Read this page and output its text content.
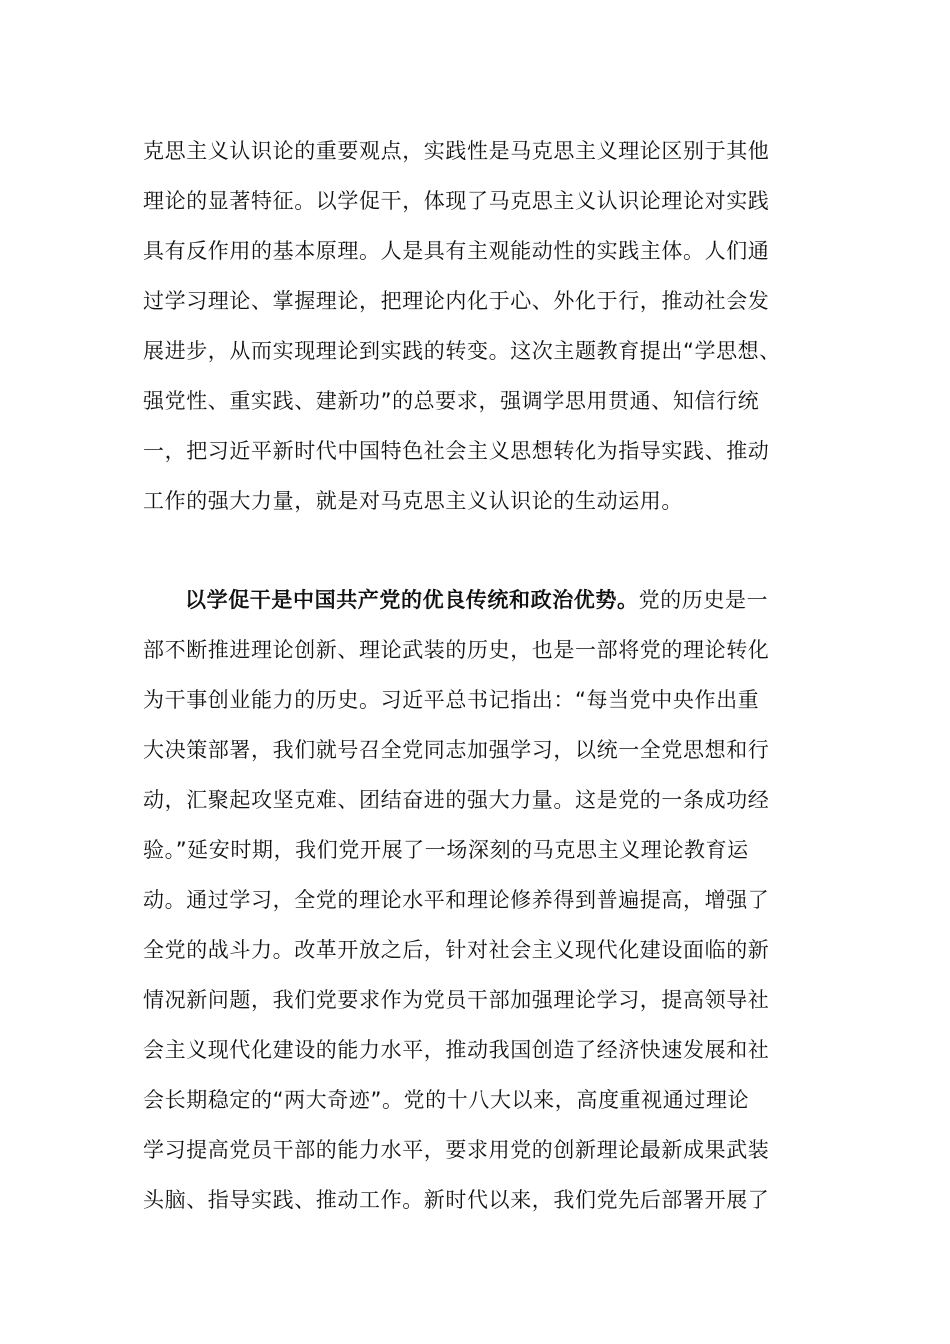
克思主义认识论的重要观点，实践性是马克思主义理论区别于其他
理论的显著特征。以学促干，体现了马克思主义认识论理论对实践
具有反作用的基本原理。人是具有主观能动性的实践主体。人们通
过学习理论、掌握理论，把理论内化于心、外化于行，推动社会发
展进步，从而实现理论到实践的转变。这次主题教育提出“学思想、
强党性、重实践、建新功”的总要求，强调学思用贯通、知信行统
一，把习近平新时代中国特色社会主义思想转化为指导实践、推动
工作的强大力量，就是对马克思主义认识论的生动运用。
以学促干是中国共产党的优良传统和政治优势。党的历史是一
部不断推进理论创新、理论武装的历史，也是一部将党的理论转化
为干事创业能力的历史。习近平总书记指出：“每当党中央作出重
大决策部署，我们就号召全党同志加强学习，以统一全党思想和行
动，汇聚起攻坚克难、团结奋进的强大力量。这是党的一条成功经
验。”延安时期，我们党开展了一场深刻的马克思主义理论教育运
动。通过学习，全党的理论水平和理论修养得到普遍提高，增强了
全党的战斗力。改革开放之后，针对社会主义现代化建设面临的新
情况新问题，我们党要求作为党员干部加强理论学习，提高领导社
会主义现代化建设的能力水平，推动我国创造了经济快速发展和社
会长期稳定的“两大奇迹”。党的十八大以来，高度重视通过理论
学习提高党员干部的能力水平，要求用党的创新理论最新成果武装
头脑、指导实践、推动工作。新时代以来，我们党先后部署开展了
